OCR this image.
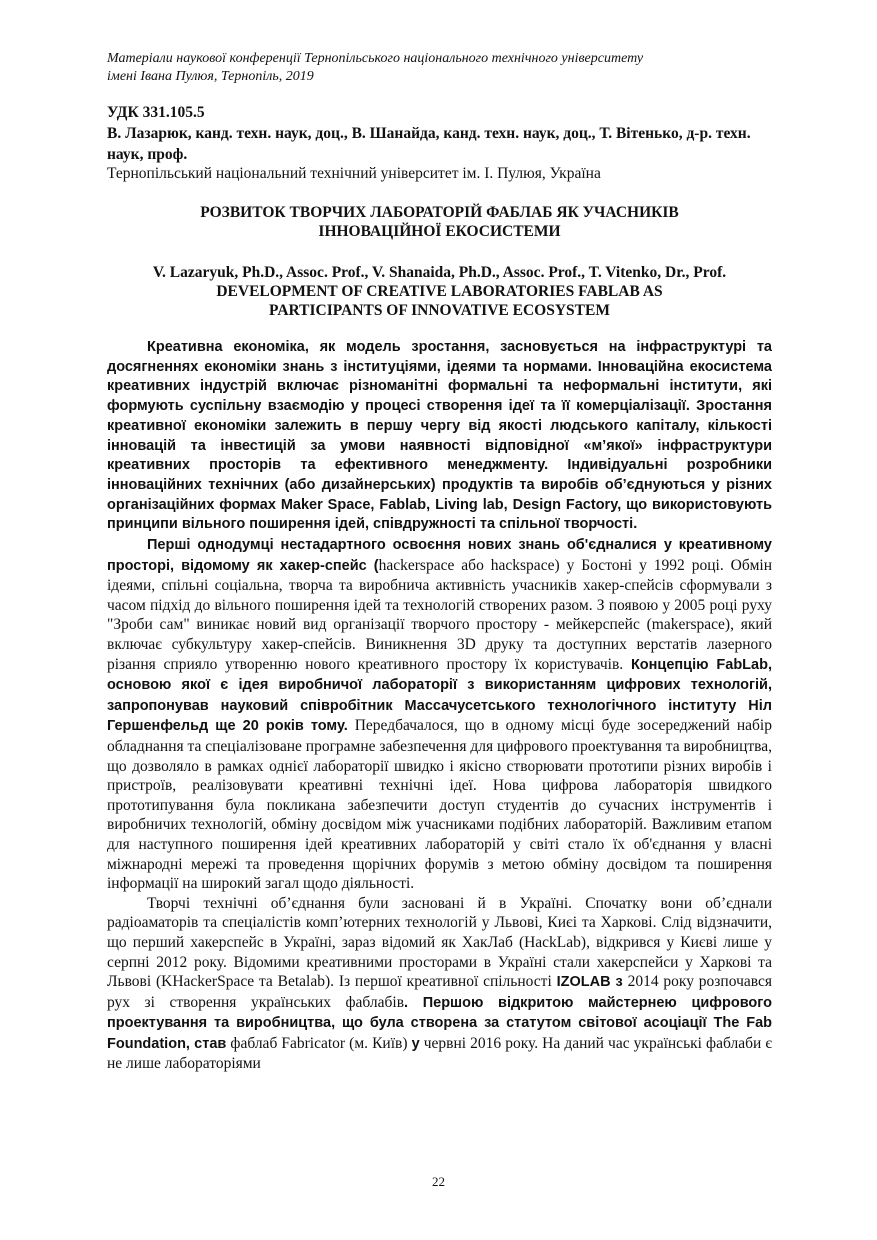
Матеріали наукової конференції Тернопільського національного технічного університету
імені Івана Пулюя, Тернопіль, 2019
УДК 331.105.5
В. Лазарюк, канд. техн. наук, доц., В. Шанайда, канд. техн. наук, доц., Т. Вітенько, д-р. техн. наук, проф.
Тернопільський національний технічний університет ім. І. Пулюя, Україна
РОЗВИТОК ТВОРЧИХ ЛАБОРАТОРІЙ ФАБЛАБ ЯК УЧАСНИКІВ
ІННОВАЦІЙНОЇ ЕКОСИСТЕМИ
V. Lazaryuk, Ph.D., Assoc. Prof., V. Shanaida, Ph.D., Assoc. Prof., T. Vitenko, Dr., Prof.
DEVELOPMENT OF CREATIVE LABORATORIES FABLAB AS
PARTICIPANTS OF INNOVATIVE ECOSYSTEM

Креативна економіка, як модель зростання, засновується на інфраструктурі та досягненнях економіки знань з інституціями, ідеями та нормами. Інноваційна екосистема креативних індустрій включає різноманітні формальні та неформальні інститути, які формують суспільну взаємодію у процесі створення ідеї та її комерціалізації. Зростання креативної економіки залежить в першу чергу від якості людського капіталу, кількості інновацій та інвестицій за умови наявності відповідної «м’якої» інфраструктури креативних просторів та ефективного менеджменту. Індивідуальні розробники інноваційних технічних (або дизайнерських) продуктів та виробів об’єднуються у різних організаційних формах Maker Space, Fablab, Living lab, Design Factory, що використовують принципи вільного поширення ідей, співдружності та спільної творчості.

Перші однодумці нестадартного освоєння нових знань об'єдналися у креативному просторі, відомому як хакер-спейс (hackerspace або hackspace) у Бостоні у 1992 році. Обмін ідеями, спільні соціальна, творча та виробнича активність учасників хакер-спейсів сформували з часом підхід до вільного поширення ідей та технологій створених разом. З появою у 2005 році руху "Зроби сам" виникає новий вид організації творчого простору - мейкерспейс (makerspace), який включає субкультуру хакер-спейсів. Виникнення 3D друку та доступних верстатів лазерного різання сприяло утворенню нового креативного простору їх користувачів. Концепцію FabLab, основою якої є ідея виробничої лабораторії з використанням цифрових технологій, запропонував науковий співробітник Массачусетського технологічного інституту Ніл Гершенфельд ще 20 років тому. Передбачалося, що в одному місці буде зосереджений набір обладнання та спеціалізоване програмне забезпечення для цифрового проектування та виробництва, що дозволяло в рамках однієї лабораторії швидко і якісно створювати прототипи різних виробів і пристроїв, реалізовувати креативні технічні ідеї. Нова цифрова лабораторія швидкого прототипування була покликана забезпечити доступ студентів до сучасних інструментів і виробничих технологій, обміну досвідом між учасниками подібних лабораторій. Важливим етапом для наступного поширення ідей креативних лабораторій у світі стало їх об'єднання у власні міжнародні мережі та проведення щорічних форумів з метою обміну досвідом та поширення інформації на широкий загал щодо діяльності.

Творчі технічні об’єднання були засновані й в Україні. Спочатку вони об’єднали радіоаматорів та спеціалістів комп’ютерних технологій у Львові, Києі та Харкові. Слід відзначити, що перший хакерспейс в Україні, зараз відомий як ХакЛаб (HackLab), відкрився у Києві лише у серпні 2012 року. Відомими креативними просторами в Україні стали хакерспейси у Харкові та Львові (KHackerSpace та Betalab). Із першої креативної спільності IZOLAB з 2014 року розпочався рух зі створення українських фаблабів. Першою відкритою майстернею цифрового проектування та виробництва, що була створена за статутом світової асоціації The Fab Foundation, став фаблаб Fabricator (м. Київ) у червні 2016 року. На даний час українські фаблаби є не лише лабораторіями

22
